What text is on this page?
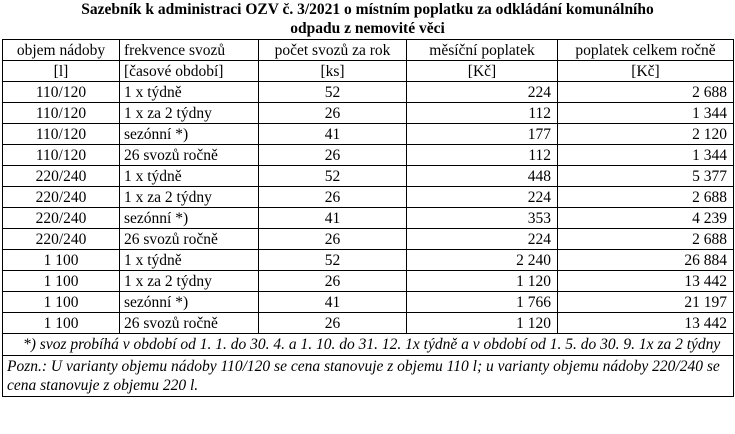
Sazebník k administraci OZV č. 3/2021 o místním poplatku za odkládání komunálního
odpadu z nemovité věci
objem nádoby	frekvence svozů	počet svozů za rok	měsíční poplatek	poplatek celkem ročně
[l]	[časové období]	[ks]	[Kč]	[Kč]
110/120	1 x týdně	52	224	2 688
110/120	1 x za 2 týdny	26	112	1 344
110/120	sezónní *)	41	177	2 120
110/120	26 svozů ročně	26	112	1 344
220/240	1 x týdně	52	448	5 377
220/240	1 x za 2 týdny	26	224	2 688
220/240	sezónní *)	41	353	4 239
220/240	26 svozů ročně	26	224	2 688
1 100	1 x týdně	52	2 240	26 884
1 100	1 x za 2 týdny	26	1 120	13 442
1 100	sezónní *)	41	1 766	21 197
1 100	26 svozů ročně	26	1 120	13 442
*) svoz probíhá v období od 1. 1. do 30. 4. a 1. 10. do 31. 12. 1x týdně a v období od 1. 5. do 30. 9. 1x za 2 týdny				
Pozn.: U varianty objemu nádoby 110/120 se cena stanovuje z objemu 110 l; u varianty objemu nádoby 220/240 se cena stanovuje z objemu 220 l.				
